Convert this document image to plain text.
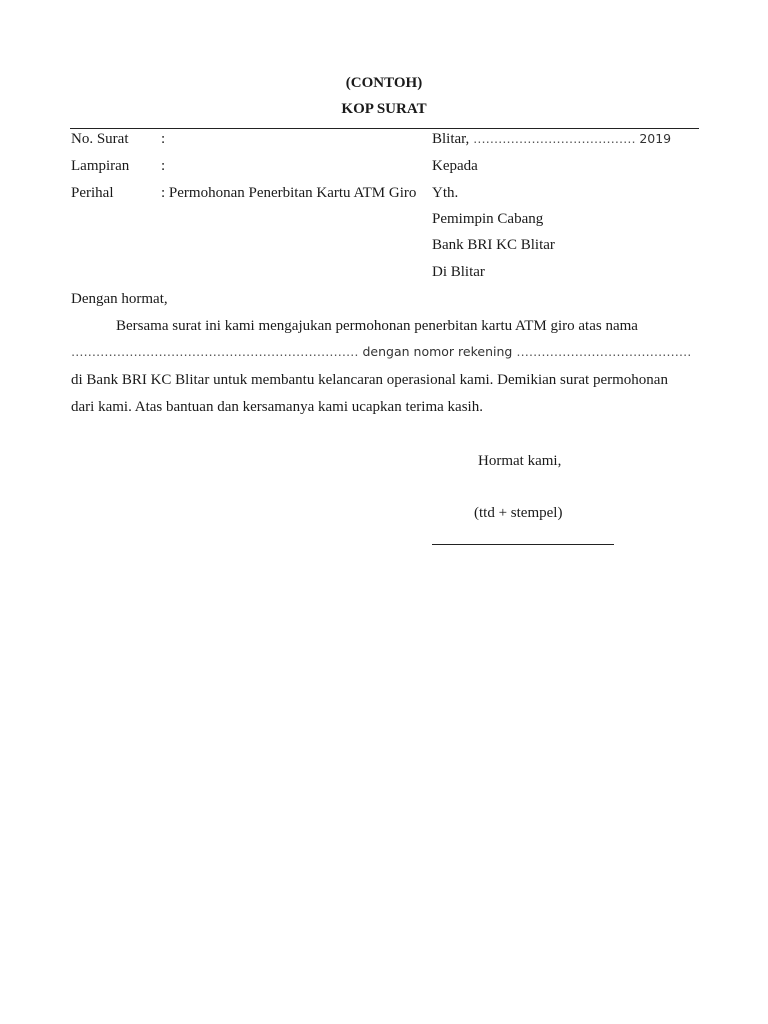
(CONTOH)
KOP SURAT
No. Surat :
Lampiran :
Perihal	: Permohonan Penerbitan Kartu ATM Giro
Blitar, ………………………………… 2019
Kepada
Yth.
Pemimpin Cabang
Bank BRI KC Blitar
Di Blitar
Dengan hormat,
Bersama surat ini kami mengajukan permohonan penerbitan kartu ATM giro atas nama
…………………………………………………………… dengan nomor rekening ……………………………………
di Bank BRI KC Blitar untuk membantu kelancaran operasional kami. Demikian surat permohonan
dari kami. Atas bantuan dan kersamanya kami ucapkan terima kasih.
Hormat kami,
(ttd + stempel)
